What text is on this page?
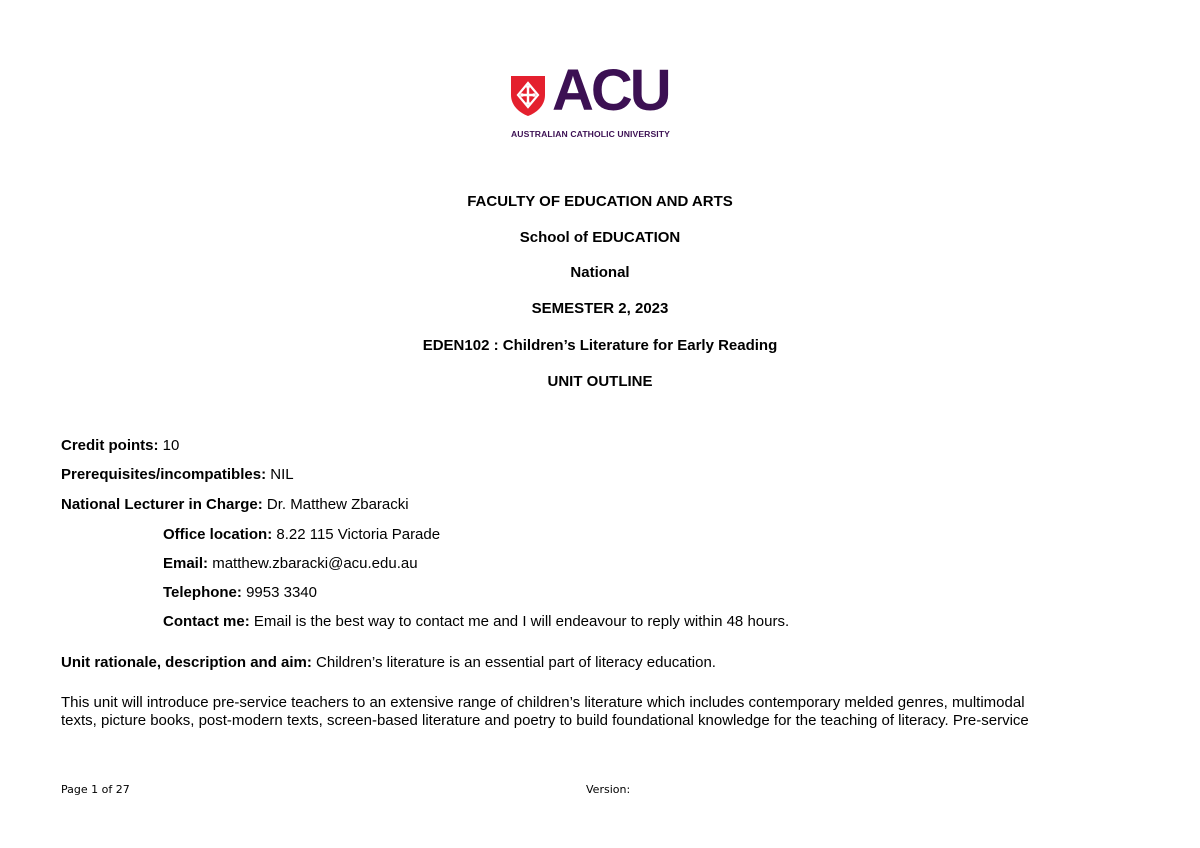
ACU
AUSTRALIAN CATHOLIC UNIVERSITY
FACULTY OF EDUCATION AND ARTS
School of EDUCATION
National
SEMESTER 2, 2023
EDEN102 : Children’s Literature for Early Reading
UNIT OUTLINE
Credit points: 10
Prerequisites/incompatibles: NIL
National Lecturer in Charge: Dr. Matthew Zbaracki
Office location: 8.22 115 Victoria Parade
Email: matthew.zbaracki@acu.edu.au
Telephone: 9953 3340
Contact me: Email is the best way to contact me and I will endeavour to reply within 48 hours.
Unit rationale, description and aim: Children’s literature is an essential part of literacy education.
This unit will introduce pre-service teachers to an extensive range of children’s literature which includes contemporary melded genres, multimodal
texts, picture books, post-modern texts, screen-based literature and poetry to build foundational knowledge for the teaching of literacy. Pre-service
Page 1 of 27	Version:
